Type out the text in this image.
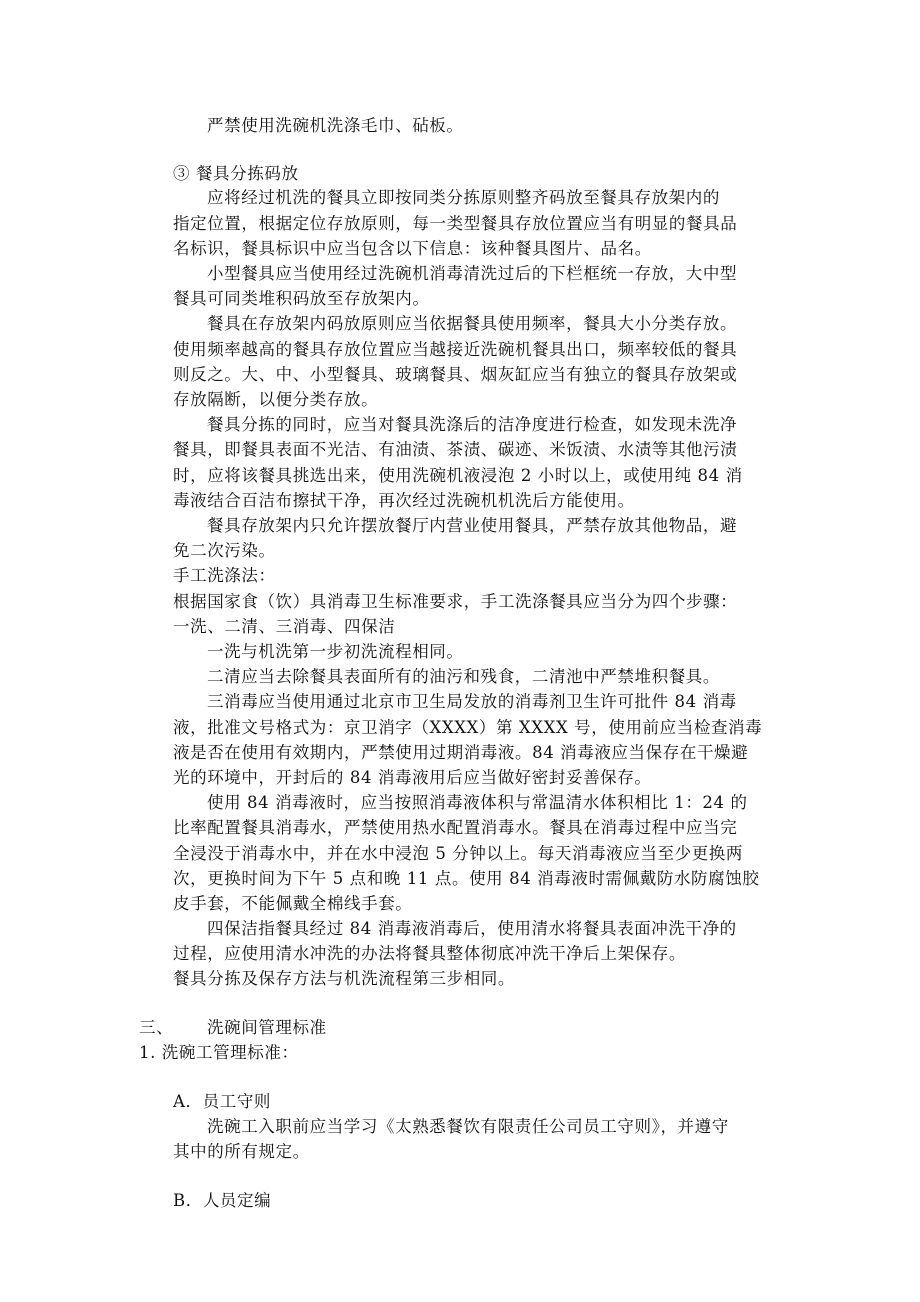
严禁使用洗碗机洗涤毛巾、砧板。
③ 餐具分拣码放
应将经过机洗的餐具立即按同类分拣原则整齐码放至餐具存放架内的
指定位置，根据定位存放原则，每一类型餐具存放位置应当有明显的餐具品
名标识，餐具标识中应当包含以下信息：该种餐具图片、品名。
小型餐具应当使用经过洗碗机消毒清洗过后的下栏框统一存放，大中型
餐具可同类堆积码放至存放架内。
餐具在存放架内码放原则应当依据餐具使用频率，餐具大小分类存放。
使用频率越高的餐具存放位置应当越接近洗碗机餐具出口，频率较低的餐具
则反之。大、中、小型餐具、玻璃餐具、烟灰缸应当有独立的餐具存放架或
存放隔断，以便分类存放。
餐具分拣的同时，应当对餐具洗涤后的洁净度进行检查，如发现未洗净
餐具，即餐具表面不光洁、有油渍、茶渍、碳迹、米饭渍、水渍等其他污渍
时，应将该餐具挑选出来，使用洗碗机液浸泡 2 小时以上，或使用纯 84 消
毒液结合百洁布擦拭干净，再次经过洗碗机机洗后方能使用。
餐具存放架内只允许摆放餐厅内营业使用餐具，严禁存放其他物品，避
免二次污染。
手工洗涤法：
根据国家食（饮）具消毒卫生标准要求，手工洗涤餐具应当分为四个步骤：
一洗、二清、三消毒、四保洁
一洗与机洗第一步初洗流程相同。
二清应当去除餐具表面所有的油污和残食，二清池中严禁堆积餐具。
三消毒应当使用通过北京市卫生局发放的消毒剂卫生许可批件 84 消毒
液，批准文号格式为：京卫消字（XXXX）第 XXXX 号，使用前应当检查消毒
液是否在使用有效期内，严禁使用过期消毒液。84 消毒液应当保存在干燥避
光的环境中，开封后的 84 消毒液用后应当做好密封妥善保存。
使用 84 消毒液时，应当按照消毒液体积与常温清水体积相比 1：24 的
比率配置餐具消毒水，严禁使用热水配置消毒水。餐具在消毒过程中应当完
全浸没于消毒水中，并在水中浸泡 5 分钟以上。每天消毒液应当至少更换两
次，更换时间为下午 5 点和晚 11 点。使用 84 消毒液时需佩戴防水防腐蚀胶
皮手套，不能佩戴全棉线手套。
四保洁指餐具经过 84 消毒液消毒后，使用清水将餐具表面冲洗干净的
过程，应使用清水冲洗的办法将餐具整体彻底冲洗干净后上架保存。
餐具分拣及保存方法与机洗流程第三步相同。
三、 洗碗间管理标准
1. 洗碗工管理标准：
A．员工守则
洗碗工入职前应当学习《太熟悉餐饮有限责任公司员工守则》，并遵守
其中的所有规定。
B．人员定编
